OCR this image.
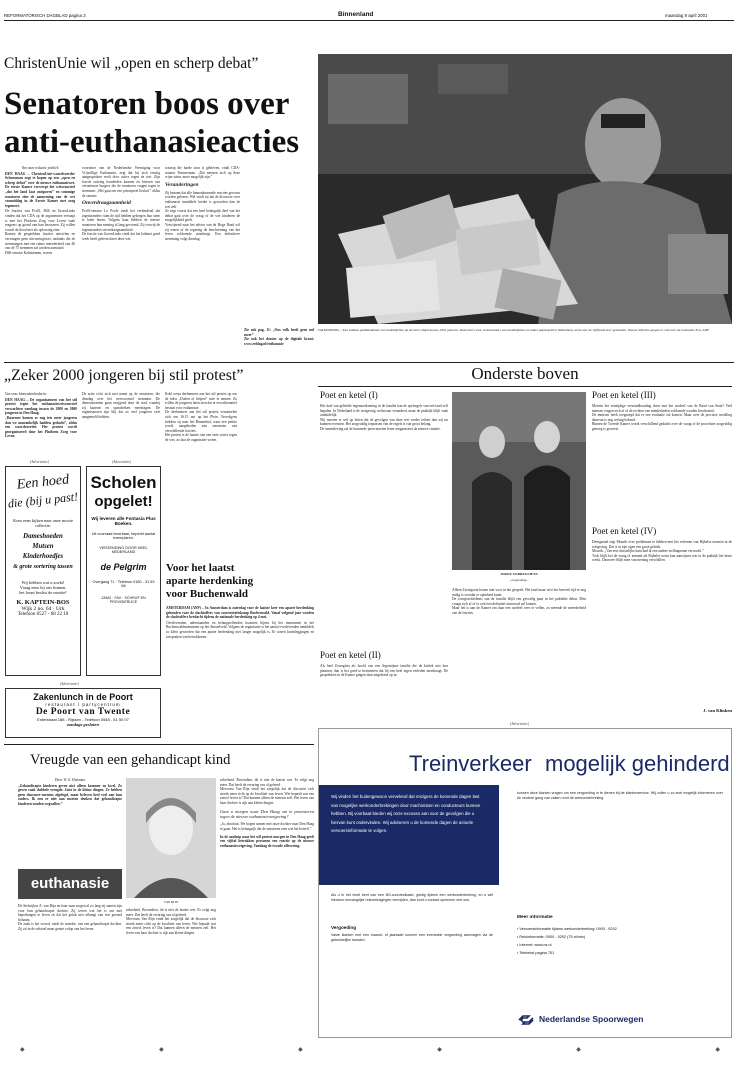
REFORMATORISCH DAGBLAD pagina 3	Binnenland	maandag 9 april 2001
ChristenUnie wil „open en scherp debat”
Senatoren boos over
anti-euthanasieacties

Van onze redactie politiek

DEN HAAG – ChristenUnie-woordvoerder Schuurman zegt te hopen op een „open en scherp debat” over de nieuwe euthanasiewet. De eerste Kamer verwerpt het wetsvoorstel „dat het land laat ontsporen” en sommige senatoren zien de aanneming van de wet vanmiddag in de Eerste Kamer met zorg tegemoet.

De fracties van PvdA, D66 en GroenLinks vinden dat het CDA op de argumenten verstapt is met het Platform Zorg voor Leven vaak reageert op grond van hun bezwaren. Zij willen vooral de dood niet als oplossing zien.
Romen de gesprekken fracties ontvielen en vervangen geen uitvoeringswet, ondanks die de stemmingen met een ruime meerderheid van 46 van de 75 stemmen zal worden aanvaard.
D66-senator Kohnstamm, tevens

voorzitter van de Nederlandse Vereniging voor Vrijwillige Euthanasie, zegt dat hij zich ernstig aangesproken voelt door acties tegen de wet. Zijn fractie ontving honderden kaarten en brieven van verontruste burgers die de senatoren vragen tegen te stemmen. „Het gaat om een principieel besluit”, aldus de senator.

Onverdraagzaamheid

PvdA-senator Le Poole vindt het verbindend dat tegenstanders ruim de tijd hebben gekregen hun stem te laten horen. Volgens haar hebben de meeste senatoren hun mening al lang gevormd. Zij verwijt de tegenstanders onverdraagzaamheid.
De fractie van GroenLinks vindt dat het kabinet goed werk heeft geleverd met deze wet.

waarop die harde toon is gebleven, vindt CDA-senator Timmerman. „Dat mensen zich op deze wijze uiten, moet mogelijk zijn.”

Veranderingen

Zij beaamt dat alle binnenkomende reacties gewoon worden gelezen. Wel vindt zij dat de discussie over euthanasie inmiddels breder is geworden dan de wet zelf.
Ze zegt voorts dat een heel belangrijk deel van het debat gaat over de vraag of de wet kinderen de mogelijkheid geeft.
Verwijzend naar het advies van de Hoge Raad wil zij weten of de regering de bescherming van het leven voldoende waarborgt. Een definitieve stemming volgt dinsdag.

Zie ook pag. 11: „Ons volk heeft geen nul meer”
Zie ook het dossier op de digitale krant: www.refdag.nl/euthanasie
VALKENBURG – Een Indiaas geldhandelaar met bankbiljetten op de beurs Papermoney 2001 gisteren. Deze beurs voor verzamelaars van bankbiljetten en ander papiergeld in Valkenburg werd voor de vijftiende keer gehouden. Nieuwe biljetten gingen er vlot over de toonbank. Foto ANP
„Zeker 2000 jongeren bij stil protest”

Van onze binnenlandredactie

DEN HAAG – De organisatoren van het stil protest tegen het euthanasiewetsvoorstel verwachten vandaag tussen de 2000 en 3000 jongeren in Den Haag.
„Daarmee komen er nog iets meer jongeren dan we aanvankelijk hadden gedacht”, aldus een woordvoerder. Het protest wordt georganiseerd door het Platform Zorg voor Leven.

De actie richt zich met name op de senatoren, die dinsdag over het wetsvoorstel stemmen. De demonstranten gaan zwijgend door de stad, waarbij zij kaarsen en spandoeken meedragen. De organisatoren zijn blij dat zo veel jongeren zich aangemeld hebben.
Kohl roept deelnemers aan het stil protest op om de tekst „Doden of helpen” mee te nemen. Zo willen de jongeren laten zien dat er een alternatief bestaat voor euthanasie.
De deelnemers aan het stil protest verzamelen zich om 16.15 uur op het Plein. Vervolgens trekken zij naar het Binnenhof, waar een petitie wordt aangeboden aan senatoren van verschillende fracties.
Het protest is de laatste van een serie acties tegen de wet, zo laat de organisatie weten.
(Advertentie)
Een hoed
die (bij u past!
Kom eens kijken naar onze mooie collectie:
Dameshoeden
Mutsen
Kinderhoedjes
& grote sortering tassen
Wij hebben wat u zoekt!
Vraag eens bij ons binnen.
het loont beslist de moeite!
K. KAPTEIN-BOS
Wijk 2 no. 64 · Urk
Telefoon 0527 - 68 22 10
(Advertentie)
Scholen
opgelet!
Wij leveren alle Fontasia Plus Boeken.
Uit voorraad leverbaar, beperkt aantal exemplaren.
VERZENDING DOOR HEEL NEDERLAND
de Pelgrim
Overgang 71 · Telefoon 0180 - 31 63 66
ZANG · FAX · SCHRIJF EN PROVISIERIJCE
Voor het laatst
aparte herdenking
voor Buchenwald

AMSTERDAM (ANP) – In Amsterdam is zaterdag voor de laatste keer een aparte herdenking gehouden voor de slachtoffers van concentratiekamp Buchenwald. Vanaf volgend jaar worden de slachtoffers herdacht tijdens de nationale herdenking op 4 mei.

Overlevenden, nabestaanden en belangstellenden kwamen bijeen bij het monument in het Buchenwaldmonument op het Amstelveld. Volgens de organisatie is het aantal overlevenden inmiddels zo klein geworden dat een aparte herdenking niet langer mogelijk is. Er waren kransleggingen en toespraken van betrokkenen.

(Advertentie)
Zakenlunch in de Poort
restaurant / partycentrum
De Poort van Twente
Enterstraat 188 - Rijssen - Telefoon 0548 - 51 50 07
zondags gesloten
Vreugde van een gehandicapt kind

Door W. G. Huisman

„Gehandicapte kinderen geven niet alleen kommer en kwel. Ze geven vaak dubbele vreugde. Juist in de kleine dingen. Ze hebben geen doorsnee-normen afgelegd, maar beleven heel veel aan hun ouders. Ik zou er niet aan moeten denken dat gehandicapte kinderen zouden wegvallen.”

euthanasie
De Stelwijkse A. van Rijn en haar man zorgen al zo lang zij samen zijn voor hun gehandicapte dochter. Zij weten wat het is om met beperkingen te leven en dat het geluk niet afhangt van een gezond lichaam.
De zaak is het woord, vindt de moeder, van een gehandicapte dochter. Zij zit in de rolstoel maar geniet volop van het leven.
VAN RIJN
zekerheid. Bovendien, dit is niet de laatste wet. Er volgt nog meer. Dat heeft de ervaring ons al geleerd.
Mevrouw Van Rijn vindt het zorgelijk dat de discussie zich steeds meer richt op de kwaliteit van leven. Wie bepaalt wat een zinvol leven is? Dat kunnen alleen de mensen zelf. Het leven van haar dochter is rijk aan kleine dingen.

zekerheid. Bovendien, dit is niet de laatste wet. Er volgt nog meer. Dat heeft de ervaring ons al geleerd.
Mevrouw Van Rijn vindt het zorgelijk dat de discussie zich steeds meer richt op de kwaliteit van leven. Wie bepaalt wat een zinvol leven is? Dat kunnen alleen de mensen zelf. Het leven van haar dochter is rijk aan kleine dingen.

Gaat u morgen naar Den Haag om te protesteren tegen de nieuwe euthanasiewetgeving?

„Ja, absoluut. We hopen samen met onze dochter naar Den Haag te gaan. Het is belangrijk dat de senatoren zien wie het betreft.”

In de aanloop naar het stil protest morgen in Den Haag geeft een vijftal betrokken personen een reactie op de nieuwe euthanasiewetgeving. Vandaag de tweede aflevering.

Onderste boven
Poet en ketel (I)
Het doel van geleefde tegemoetkoming in de familie kan de spelregels van een land zelf bepalen. In Nederland is de wetgeving weliswaar veranderd, maar de praktijk blijft vaak onduidelijk.
Wij moeten er wel op letten dat de gevolgen van deze wet verder reiken dan wij nu kunnen overzien. Het zorgvuldig toepassen van de regels is van groot belang.
De samenleving zal de komende jaren moeten leren omgaan met de nieuwe situatie.
JORGE ZORREGUIETA
...ongelukkig...
Alleen Zorregueta kwam niet voor in het gesprek. Het land maar wist het hoeveel tijd er nog nodig is voordat er openheid komt.
De voorgeschiedenis van de familie blijft een gevoelig punt in het publieke debat. Men vraagt zich af of er ooit een definitief antwoord zal komen.
Maar het is aan de Kamer om daar een oordeel over te vellen, zo meende de meerderheid van de fracties.
Poet en ketel (II)
Als heel Zorregieta als hoofd van een Argentijnse familie die de kritiek niet kon plaatsen, dan is het goed te herinneren dat hij een heel eigen verleden meedraagt. De gesprekken in de Kamer gingen daar uitgebreid op in.
Poet en ketel (III)
Moeten het eenzijdige verstandhouding doen met het oordeel van de Raad van State? Veel mensen vragen zich af of de rechten van minderheden voldoende worden beschermd.
De minister heeft toegezegd dat er een evaluatie zal komen. Maar over de precieze invulling daarvan is nog weinig bekend.
Binnen de Tweede Kamer wordt verschillend gedacht over de vraag of de procedure zorgvuldig genoeg is geweest.
Poet en ketel (IV)
Dertigmaal zegt Mourik over problemen te hebben met het verlenen van Bijbelse normen in de wetgeving. Dat is in zijn ogen een groot gebrek.
Mourik: „Van een christelijke kant had ik een andere stellingname verwacht.”
Toch blijft het de vraag of iemand als Bijbelse norm kan aanwijzen wat in de praktijk het beste werkt. Daarover blijft men van mening verschillen.
J. van Klinken
(Advertentie)
Treinverkeer mogelijk gehinderd
Wij vinden het buitengewoon vervelend dat reizigers de komende dagen last van mogelijke werkonderbrekingen door machinisten en conducteurs kunnen hebben. Bij voorbaat bieden wij onze excuses aan voor de gevolgen die u hiervan kunt ondervinden. Wij adviseren u de komende dagen de actuele vervoersinformatie te volgen.
Als u in het bezit bent van een NS-voordeelkaart, geldig tijdens een werkonderbreking, en u wilt hierdoor omvangrijke reisvertragingen vermijden, dan kunt u contact opnemen met ons.
Vergoeding
Vaste klanten met een maand- of jaarkaart kunnen een eventuele vergoeding aanvragen via de gebruikelijke kanalen.
kunnen deze klanten vragen om een vergoeding in te dienen bij de klantenservice. Wij zullen u zo snel mogelijk informeren over de verdere gang van zaken rond de werkonderbreking.
Meer informatie
• Vervoersinformatie tijdens werkonderbreking: 0900 - 9292
• Reisinformatie: 0900 - 9292 (75 ct/min)
• Internet: www.ns.nl
• Teletekst pagina 751
Nederlandse Spoorwegen
◆	◆	◆	◆	◆	◆
